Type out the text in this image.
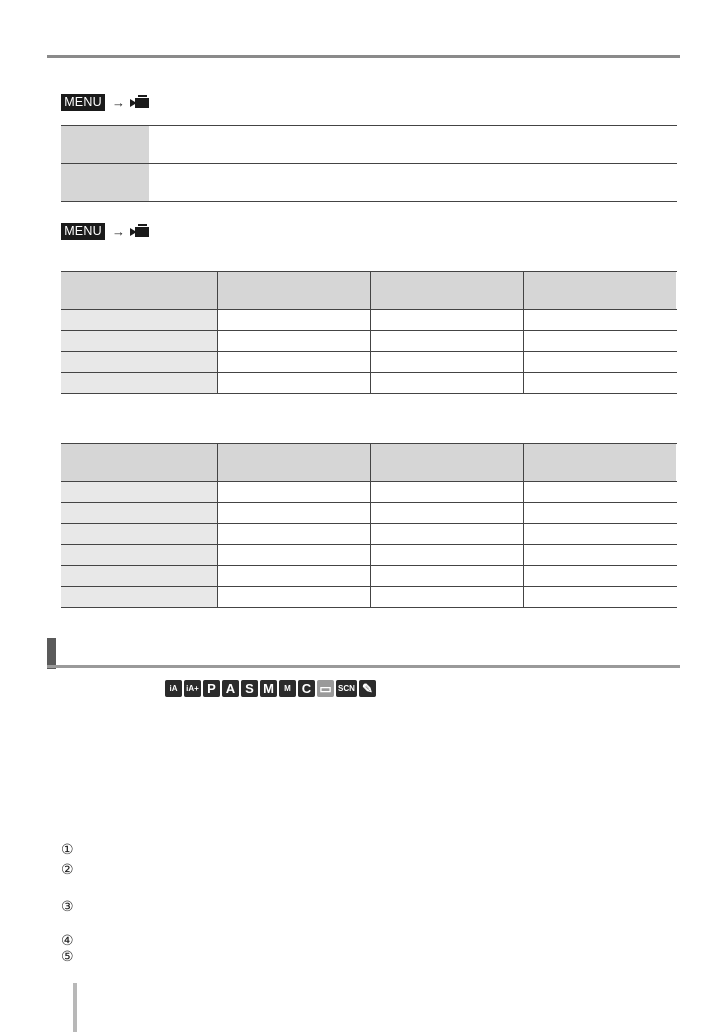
MENU →
MENU →
iA	iA+ P A S M	M C ▭ SCN ✎
①
②
③
④
⑤
